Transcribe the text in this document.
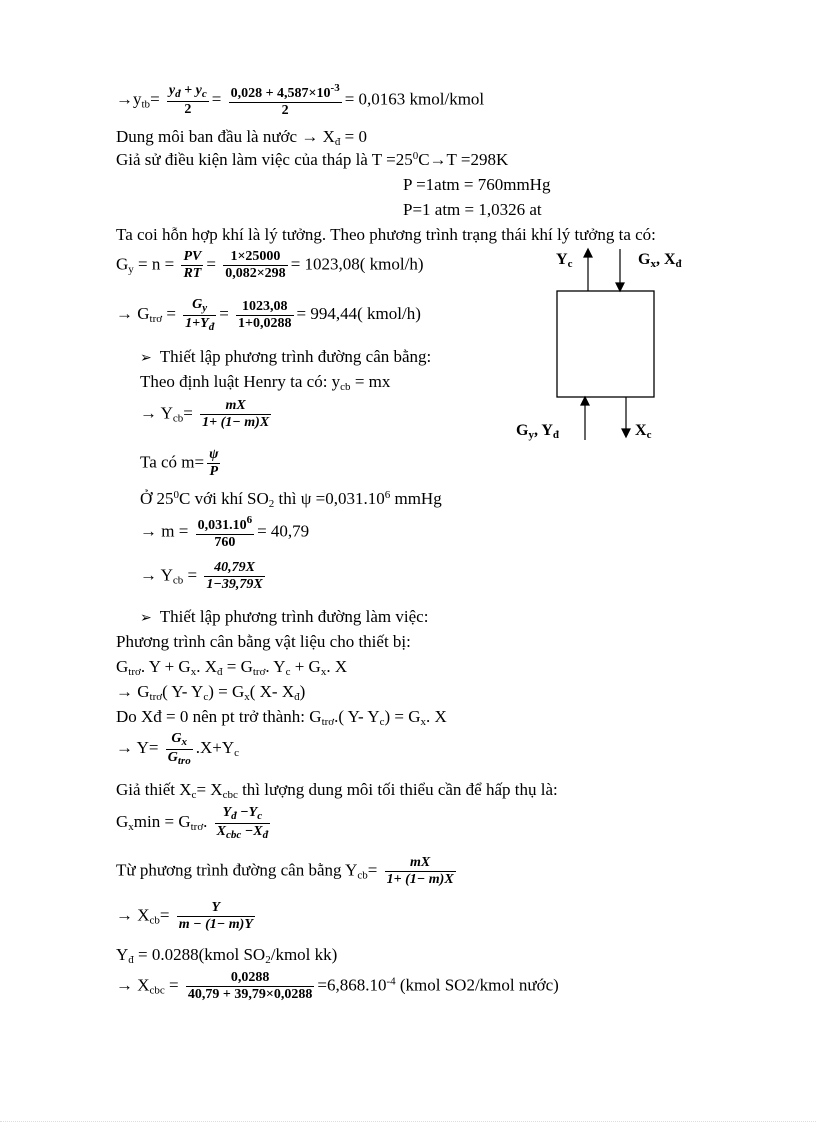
$\to y_{tb}= \frac{y_đ + y_c}{2} = \frac{0,028 + 4,587\times 10^{-3}}{2} = 0,0163$ kmol/kmol
Dung môi ban đầu là nước → $X_đ = 0$
Giả sử điều kiện làm việc của tháp là $T =25^0C\to T =298K$
P =1atm = 760mmHg
P=1 atm = 1,0326 at
Ta coi hỗn hợp khí là lý tưởng. Theo phương trình trạng thái khí lý tưởng ta có:
$G_y = n = \frac{PV}{RT} = \frac{1\times 25000}{0,082\times 298} = 1023,08$( kmol/h)
→ $G_{trơ} = \frac{G_y}{1+Y_đ} = \frac{1023,08}{1+0,0288} = 994,44$( kmol/h)
➢ Thiết lập phương trình đường cân bằng:
Theo định luật Henry ta có: $y_{cb}$ = mx
→ $Y_{cb}= \frac{mX}{1+ (1- m)X}$
Ta có $m= \frac{\psi}{P}$
Ở $25^0C$ với khí $SO_2$ thì $\psi =0,031.10^6$ mmHg
→ $m = \frac{0,031.10^6}{760} = 40,79$
→ $Y_{cb} = \frac{40,79X}{1-39,79X}$
➢ Thiết lập phương trình đường làm việc:
Phương trình cân bằng vật liệu cho thiết bị:
$G_{trơ}$. $Y + G_x$. $X_đ = G_{trơ}$. $Y_c + G_x$. X
→ $G_{trơ}$( Y- $Y_c) = G_x$( X- $X_đ$)
Do Xđ = 0 nên pt trở thành: $G_{trơ}$.( Y- $Y_c) = G_x$. X
→ $Y= \frac{G_x}{G_{tro}} .X+Y_c$
Giả thiết $X_c= X_{cbc}$ thì lượng dung môi tối thiểu cần để hấp thụ là:
$G_x\min = G_{trơ}$. $\frac{Y_đ -Y_c}{X_{cbc} -X_đ}$
Từ phương trình đường cân bằng $Y_{cb}= \frac{mX}{1+ (1- m)X}$
→ $X_{cb}= \frac{Y}{m - (1- m)Y}$
$Y_đ$ = 0.0288(kmol $SO_2$/kmol kk)
→ $X_{cbc} = \frac{0,0288}{40,79 + 39,79\times 0,0288} =6,868.10^{-4}$ (kmol SO2/kmol nước)
$Y_c$	$G_x$, $X_đ$
$G_y$, $Y_đ$	$X_c$
